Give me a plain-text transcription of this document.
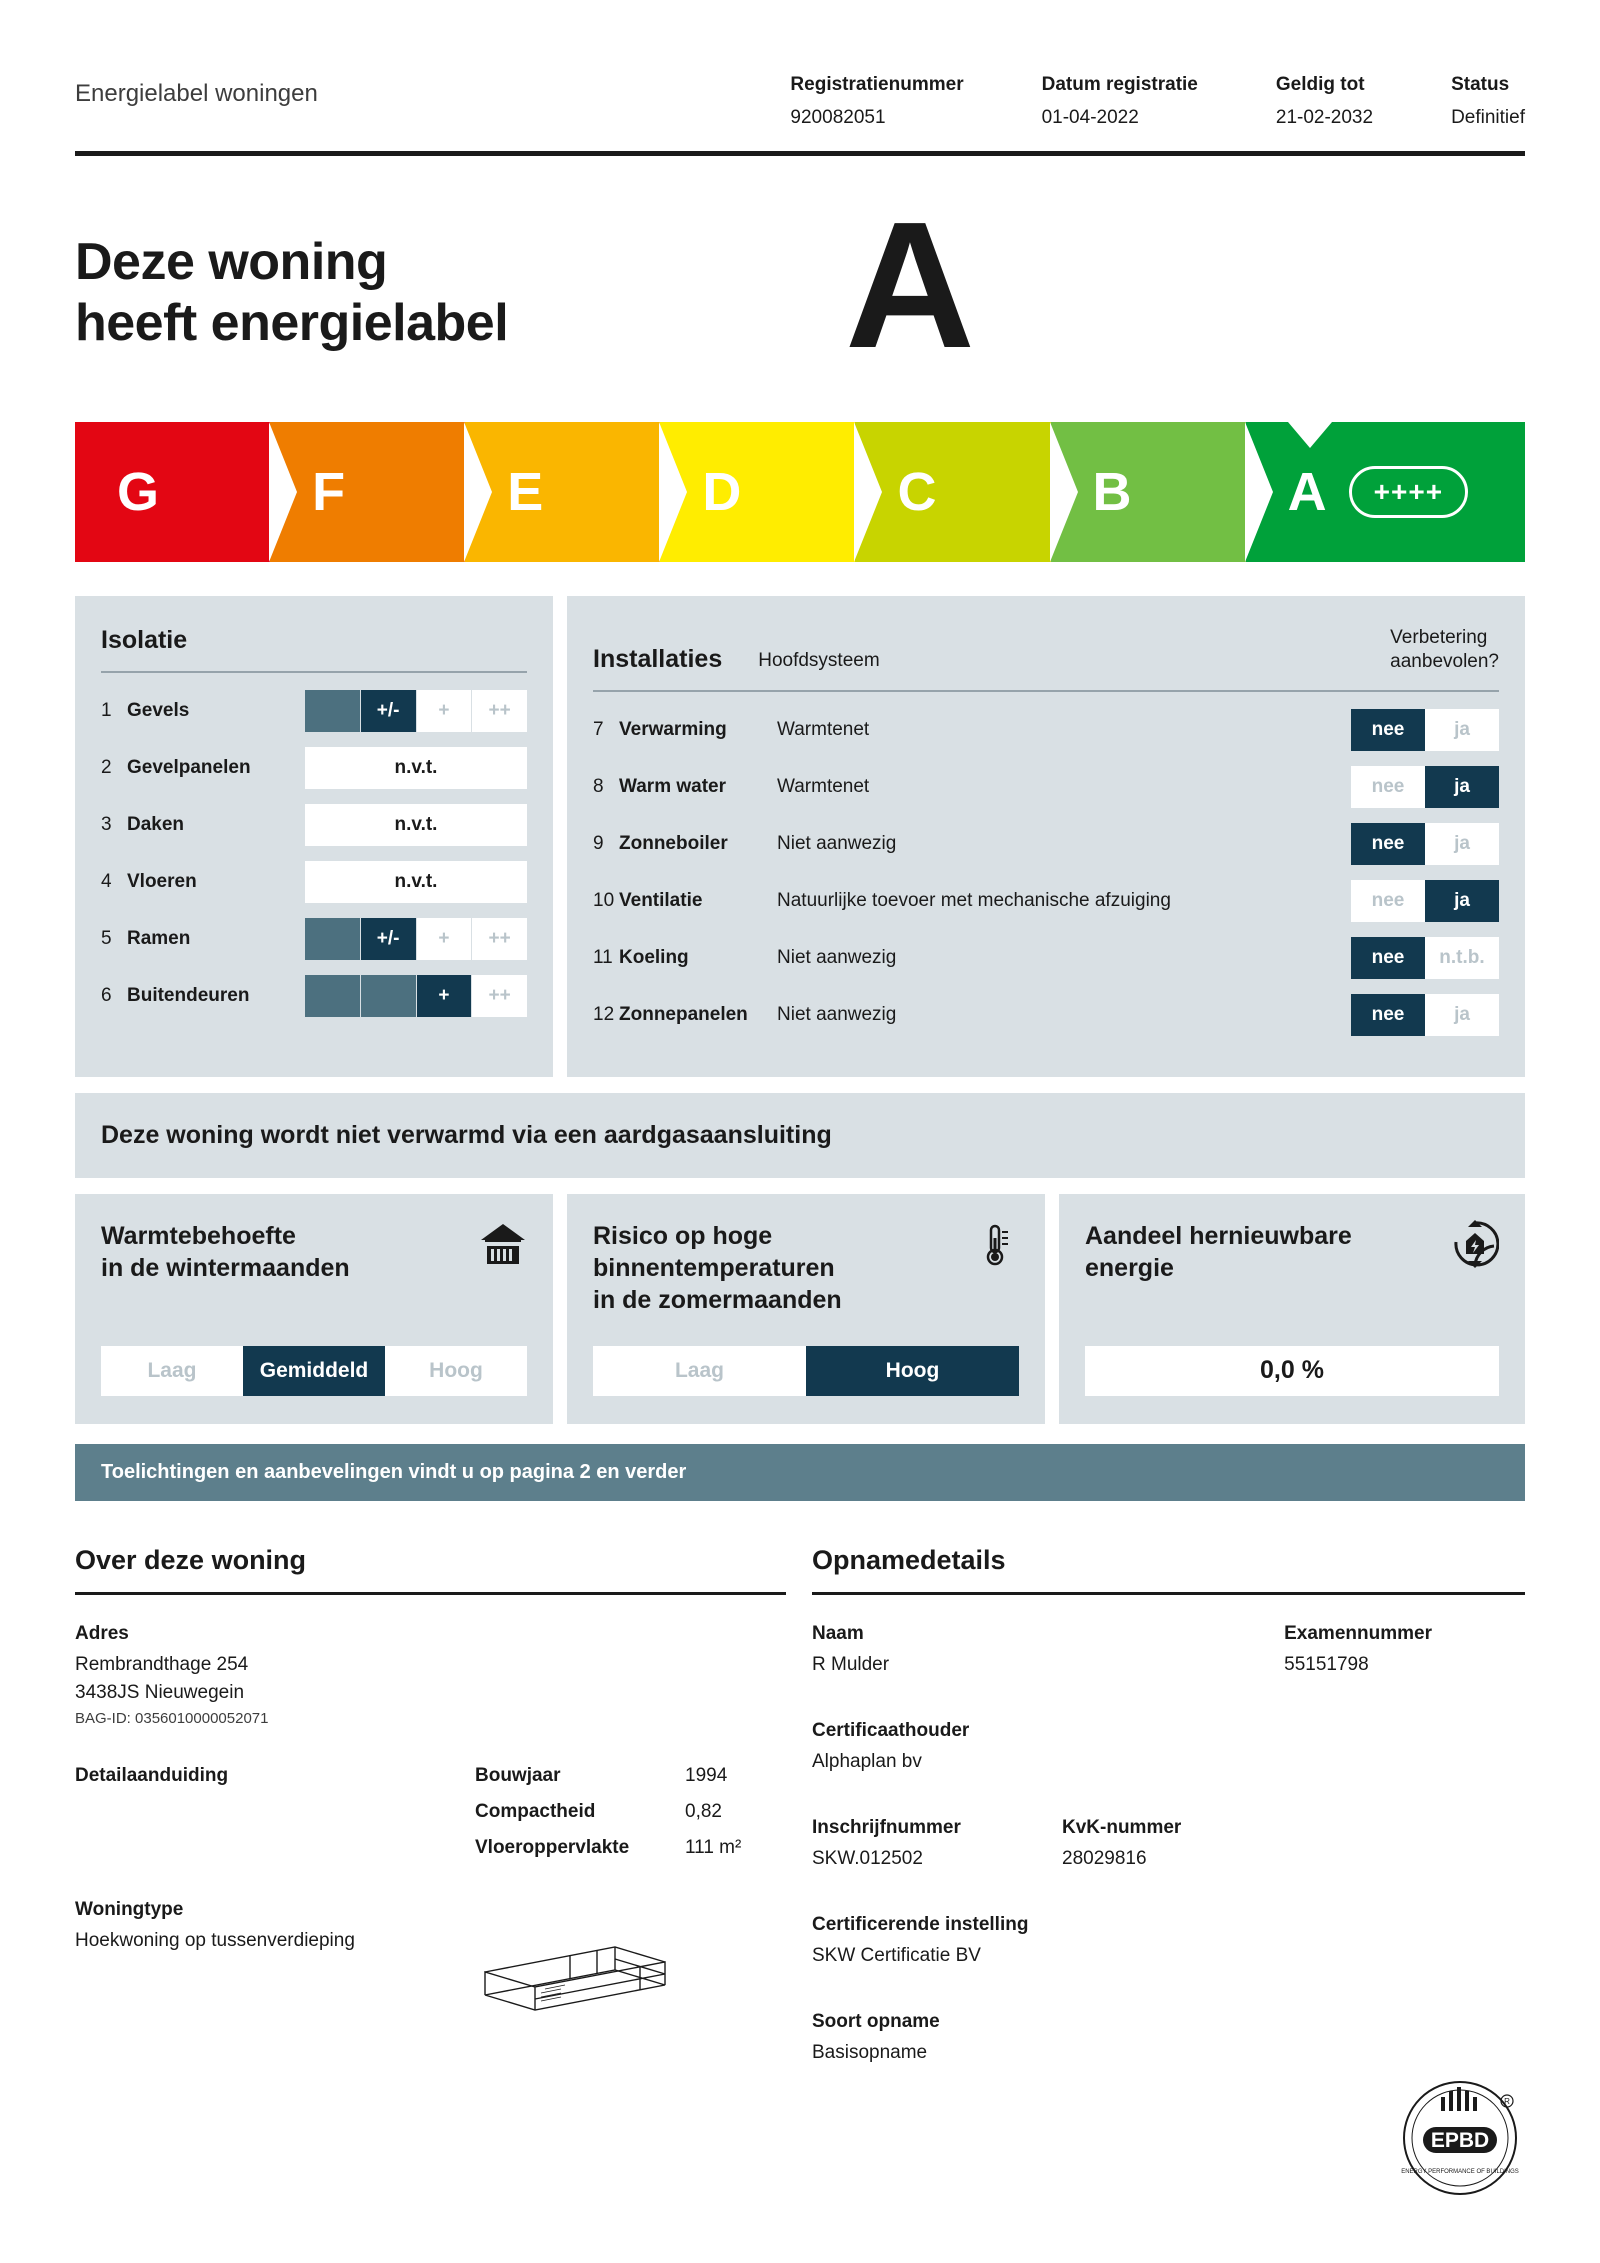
Energielabel woningen	Registratienummer
920082051
Datum registratie
01-04-2022
Geldig tot
21-02-2032
Status
Definitief
Deze woning
heeft energielabel	A
G	F	E	D	C	B	A	++++
Isolatie
1 Gevels	+/-	+	++
2 Gevelpanelen	n.v.t.
3 Daken	n.v.t.
4 Vloeren	n.v.t.
5 Ramen	+/-	+	++
6 Buitendeuren	+	++
Installaties Hoofdsysteem
Verbetering
aanbevolen?
7 Verwarming	Warmtenet	nee	ja
8 Warm water	Warmtenet	nee	ja
9 Zonneboiler	Niet aanwezig	nee	ja
10 Ventilatie	Natuurlijke toevoer met mechanische afzuiging	nee	ja
11 Koeling	Niet aanwezig	nee	n.t.b.
12 Zonnepanelen	Niet aanwezig	nee	ja
Deze woning wordt niet verwarmd via een aardgasaansluiting
Warmtebehoefte
in de wintermaanden
Laag	Gemiddeld	Hoog
Risico op hoge
binnentemperaturen
in de zomermaanden
Laag	Hoog
Aandeel hernieuwbare
energie
0,0 %
Toelichtingen en aanbevelingen vindt u op pagina 2 en verder
Over deze woning
Adres
Rembrandthage 254
3438JS Nieuwegein
BAG-ID: 0356010000052071
Detailaanduiding	Bouwjaar	1994
Compactheid	0,82
Vloeroppervlakte	111 m²
Woningtype
Hoekwoning op tussenverdieping
Opnamedetails
Naam
R Mulder
Examennummer
55151798
Certificaathouder
Alphaplan bv
Inschrijfnummer
SKW.012502
KvK-nummer
28029816
Certificerende instelling
SKW Certificatie BV
Soort opname
Basisopname
EPBD
ENERGY PERFORMANCE OF BUILDINGS
R
